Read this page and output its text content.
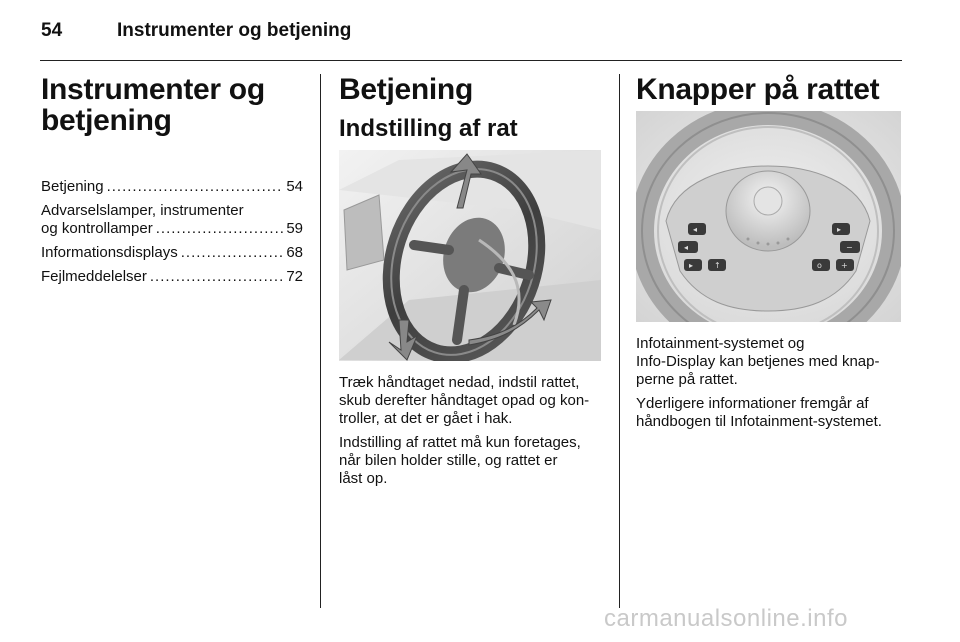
54	Instrumenter og betjening
Instrumenter og betjening
Betjening .....	54
Advarselslamper, instrumenter
og kontrollamper .....	59
Informationsdisplays .....	68
Fejlmeddelelser .....	72
Betjening
Indstilling af rat

Træk håndtaget nedad, indstil rattet,
skub derefter håndtaget opad og kon-
troller, at det er gået i hak.

Indstilling af rattet må kun foretages,
når bilen holder stille, og rattet er
låst op.

Knapper på rattet
◂
◂
▸	↑
▸
−
+
o

Infotainment-systemet og
Info-Display kan betjenes med knap-
perne på rattet.

Yderligere informationer fremgår af
håndbogen til Infotainment-systemet.

carmanualsonline.info
